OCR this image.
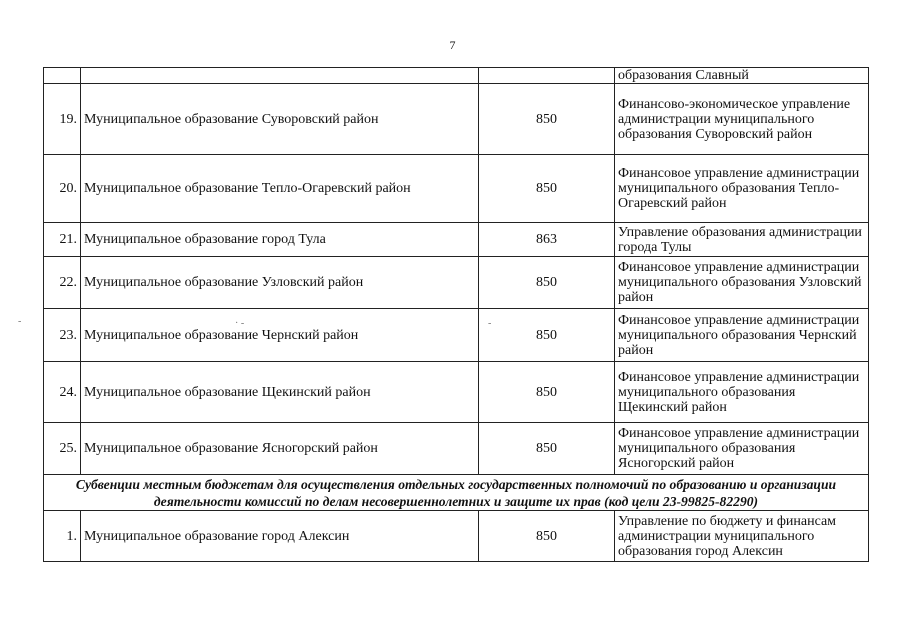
7
			образования Славный
19.	Муниципальное образование Суворовский район	850	Финансово-экономическое управление администрации муниципального образования Суворовский район
20.	Муниципальное образование Тепло-Огаревский район	850	Финансовое управление администрации муниципального образования Тепло-Огаревский район
21.	Муниципальное образование город Тула	863	Управление образования администрации города Тулы
22.	Муниципальное образование Узловский район	850	Финансовое управление администрации муниципального образования Узловский район
23.	Муниципальное образование Чернский район	850	Финансовое управление администрации муниципального образования Чернский район
24.	Муниципальное образование Щекинский район	850	Финансовое управление администрации муниципального образования Щекинский район
25.	Муниципальное образование Ясногорский район	850	Финансовое управление администрации муниципального образования Ясногорский район
Субвенции местным бюджетам для осуществления отдельных государственных полномочий по образованию и организации деятельности комиссий по делам несовершеннолетних и защите их прав (код цели 23-99825-82290)			
1.	Муниципальное образование город Алексин	850	Управление по бюджету и финансам администрации муниципального образования город Алексин
‐	· ‐	‐
